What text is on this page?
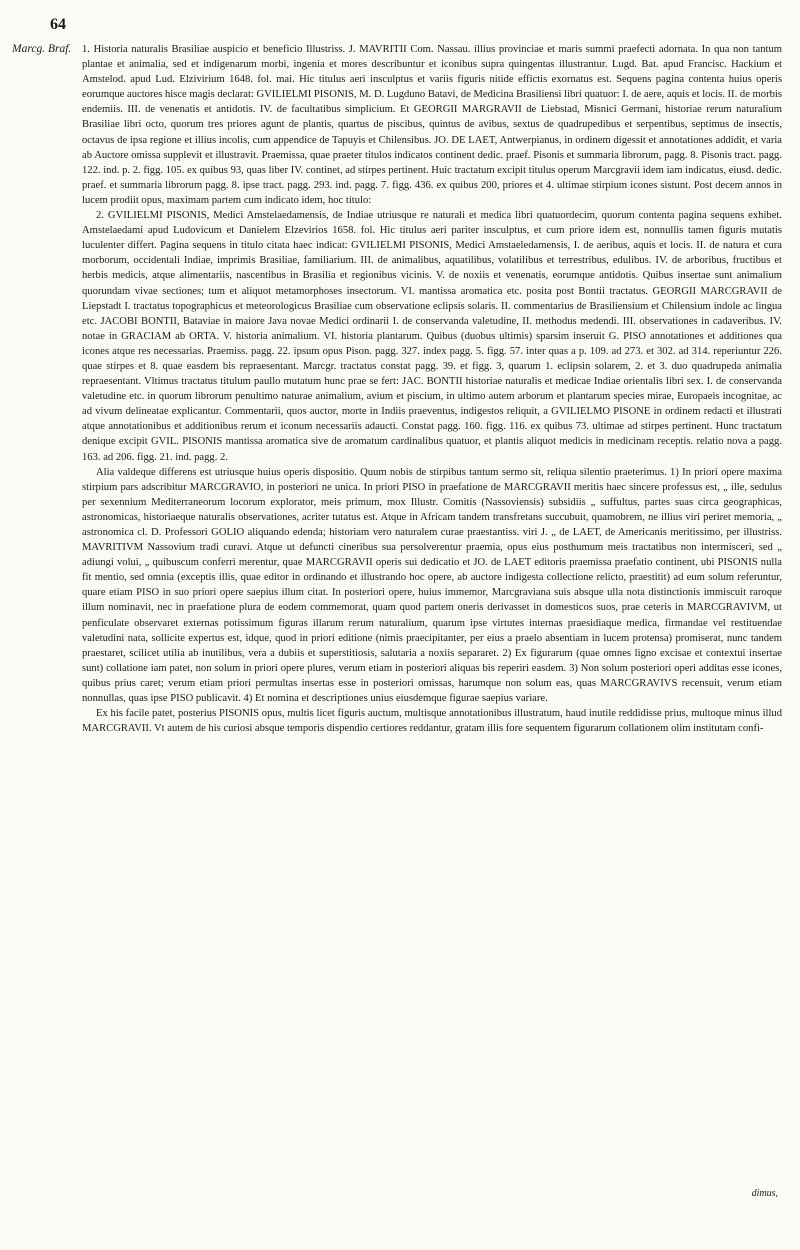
64
Marcg. Braf.	1. Historia naturalis Brasiliae auspicio et beneficio Illustriss. J. MAVRITII Com. Nassau. illius provinciae et maris summi praefecti adornata. In qua non tantum plantae et animalia, sed et indigenarum morbi, ingenia et mores describuntur et iconibus supra quingentas illustrantur. Lugd. Bat. apud Francisc. Hackium et Amstelod. apud Lud. Elzivirium 1648. fol. mai. Hic titulus aeri insculptus et variis figuris nitide effictis exornatus est. Sequens pagina contenta huius operis eorumque auctores hisce magis declarat: GVILIELMI PISONIS, M. D. Lugduno Batavi, de Medicina Brasiliensi libri quatuor: I. de aere, aquis et locis. II. de morbis endemiis. III. de venenatis et antidotis. IV. de facultatibus simplicium. Et GEORGII MARGRAVII de Liebstad, Misnici Germani, historiae rerum naturalium Brasiliae libri octo, quorum tres priores agunt de plantis, quartus de piscibus, quintus de avibus, sextus de quadrupedibus et serpentibus, septimus de insectis, octavus de ipsa regione et illius incolis, cum appendice de Tapuyis et Chilensibus. JO. DE LAET, Antwerpianus, in ordinem digessit et annotationes addidit, et varia ab Auctore omissa supplevit et illustravit. Praemissa, quae praeter titulos indicatos continent dedic. praef. Pisonis et summaria librorum, pagg. 8. Pisonis tract. pagg. 122. ind. p. 2. figg. 105. ex quibus 93, quas liber IV. continet, ad stirpes pertinent. Huic tractatum excipit titulus operum Marcgravii idem iam indicatus, eiusd. dedic. praef. et summaria librorum pagg. 8. ipse tract. pagg. 293. ind. pagg. 7. figg. 436. ex quibus 200, priores et 4. ultimae stirpium icones sistunt. Post decem annos in lucem prodiit opus, maximam partem cum indicato idem, hoc titulo:

2. GVILIELMI PISONIS, Medici Amstelaedamensis, de Indiae utriusque re naturali et medica libri quatuordecim, quorum contenta pagina sequens exhibet. Amstelaedami apud Ludovicum et Danielem Elzevirios 1658. fol. Hic titulus aeri pariter insculptus, et cum priore idem est, nonnullis tamen figuris mutatis luculenter differt. Pagina sequens in titulo citata haec indicat: GVILIELMI PISONIS, Medici Amstaeledamensis, I. de aeribus, aquis et locis. II. de natura et cura morborum, occidentali Indiae, imprimis Brasiliae, familiarium. III. de animalibus, aquatilibus, volatilibus et terrestribus, edulibus. IV. de arboribus, fructibus et herbis medicis, atque alimentariis, nascentibus in Brasilia et regionibus vicinis. V. de noxiis et venenatis, eorumque antidotis. Quibus insertae sunt animalium quorundam vivae sectiones; tum et aliquot metamorphoses insectorum. VI. mantissa aromatica etc. posita post Bontii tractatus. GEORGII MARCGRAVII de Liepstadt I. tractatus topographicus et meteorologicus Brasiliae cum observatione eclipsis solaris. II. commentarius de Brasiliensium et Chilensium indole ac lingua etc. JACOBI BONTII, Bataviae in maiore Java novae Medici ordinarii I. de conservanda valetudine, II. methodus medendi. III. observationes in cadaveribus. IV. notae in GRACIAM ab ORTA. V. historia animalium. VI. historia plantarum. Quibus (duobus ultimis) sparsim inseruit G. PISO annotationes et additiones qua icones atque res necessarias. Praemiss. pagg. 22. ipsum opus Pison. pagg. 327. index pagg. 5. figg. 57. inter quas a p. 109. ad 273. et 302. ad 314. reperiuntur 226. quae stirpes et 8. quae easdem bis repraesentant. Marcgr. tractatus constat pagg. 39. et figg. 3, quarum 1. eclipsin solarem, 2. et 3. duo quadrupeda animalia repraesentant. Vltimus tractatus titulum paullo mutatum hunc prae se fert: JAC. BONTII historiae naturalis et medicae Indiae orientalis libri sex. I. de conservanda valetudine etc. in quorum librorum penultimo naturae animalium, avium et piscium, in ultimo autem arborum et plantarum species mirae, Europaeis incognitae, ac ad vivum delineatae explicantur. Commentarii, quos auctor, morte in Indiis praeventus, indigestos reliquit, a GVILIELMO PISONE in ordinem redacti et illustrati atque annotationibus et additionibus rerum et iconum necessariis adaucti. Constat pagg. 160. figg. 116. ex quibus 73. ultimae ad stirpes pertinent. Hunc tractatum denique excipit GVIL. PISONIS mantissa aromatica sive de aromatum cardinalibus quatuor, et plantis aliquot medicis in medicinam receptis. relatio nova a pagg. 163. ad 206. figg. 21. ind. pagg. 2.

Alia valdeque differens est utriusque huius operis dispositio. Quum nobis de stirpibus tantum sermo sit, reliqua silentio praeterimus. 1) In priori opere maxima stirpium pars adscribitur MARCGRAVIO, in posteriori ne unica. In priori PISO in praefatione de MARCGRAVII meritis haec sincere professus est, „ ille, sedulus per sexennium Mediterraneorum locorum explorator, meis primum, mox Illustr. Comitis (Nassoviensis) subsidiis „ suffultus, partes suas circa geographicas, astronomicas, historiaeque naturalis observationes, acriter tutatus est. Atque in Africam tandem transfretans succubuit, quamobrem, ne illius viri periret memoria, „ astronomica cl. D. Professori GOLIO aliquando edenda; historiam vero naturalem curae praestantiss. viri J. „ de LAET, de Americanis meritissimo, per illustriss. MAVRITIVM Nassovium tradi curavi. Atque ut defuncti cineribus sua persolverentur praemia, opus eius posthumum meis tractatibus non intermisceri, sed „ adiungi volui, „ quibuscum conferri merentur, quae MARCGRAVII operis sui dedicatio et JO. de LAET editoris praemissa praefatio continent, ubi PISONIS nulla fit mentio, sed omnia (exceptis illis, quae editor in ordinando et illustrando hoc opere, ab auctore indigesta collectione relicto, praestitit) ad eum solum referuntur, quare etiam PISO in suo priori opere saepius illum citat. In posteriori opere, huius immemor, Marcgraviana suis absque ulla nota distinctionis immiscuit raroque illum nominavit, nec in praefatione plura de eodem commemorat, quam quod partem oneris derivasset in domesticos suos, prae ceteris in MARCGRAVIVM, ut penficulate observaret externas potissimum figuras illarum rerum naturalium, quarum ipse virtutes internas praesidiaque medica, firmandae vel restituendae valetudini nata, sollicite expertus est, idque, quod in priori editione (nimis praecipitanter, per eius a praelo absentiam in lucem protensa) promiserat, nunc tandem praestaret, scilicet utilia ab inutilibus, vera a dubiis et superstitiosis, salutaria a noxiis separaret. 2) Ex figurarum (quae omnes ligno excisae et contextui insertae sunt) collatione iam patet, non solum in priori opere plures, verum etiam in posteriori aliquas bis reperiri easdem. 3) Non solum posteriori operi additas esse icones, quibus prius caret; verum etiam priori permultas insertas esse in posteriori omissas, harumque non solum eas, quas MARCGRAVIVS recensuit, verum etiam nonnullas, quas ipse PISO publicavit. 4) Et nomina et descriptiones unius eiusdemque figurae saepius variare.

Ex his facile patet, posterius PISONIS opus, multis licet figuris auctum, multisque annotationibus illustratum, haud inutile reddidisse prius, multoque minus illud MARCGRAVII. Vt autem de his curiosi absque temporis dispendio certiores reddantur, gratam illis fore sequentem figurarum collationem olim institutam confi-

dimus,
